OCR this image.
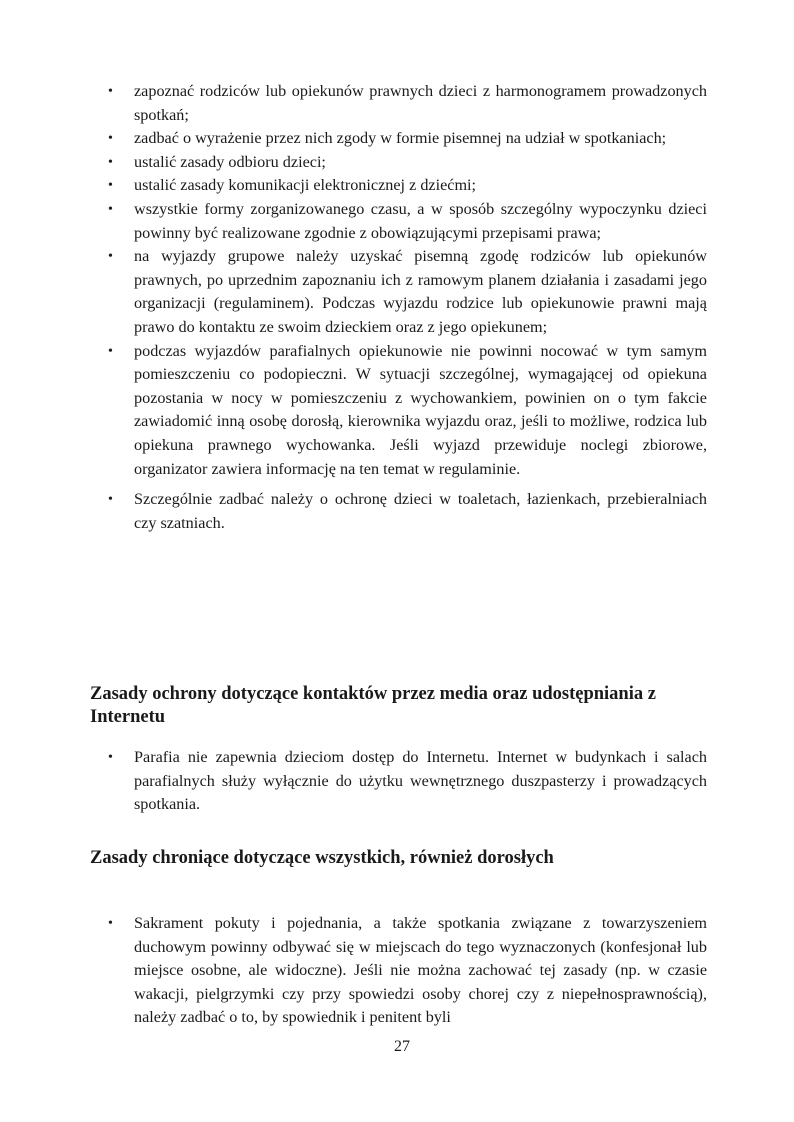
• zapoznać rodziców lub opiekunów prawnych dzieci z harmonogramem prowadzonych spotkań;
• zadbać o wyrażenie przez nich zgody w formie pisemnej na udział w spotkaniach;
• ustalić zasady odbioru dzieci;
• ustalić zasady komunikacji elektronicznej z dziećmi;
• wszystkie formy zorganizowanego czasu, a w sposób szczególny wypoczynku dzieci powinny być realizowane zgodnie z obowiązującymi przepisami prawa;
• na wyjazdy grupowe należy uzyskać pisemną zgodę rodziców lub opiekunów prawnych, po uprzednim zapoznaniu ich z ramowym planem działania i zasadami jego organizacji (regulaminem). Podczas wyjazdu rodzice lub opiekunowie prawni mają prawo do kontaktu ze swoim dzieckiem oraz z jego opiekunem;
• podczas wyjazdów parafialnych opiekunowie nie powinni nocować w tym samym pomieszczeniu co podopieczni. W sytuacji szczególnej, wymagającej od opiekuna pozostania w nocy w pomieszczeniu z wychowankiem, powinien on o tym fakcie zawiadomić inną osobę dorosłą, kierownika wyjazdu oraz, jeśli to możliwe, rodzica lub opiekuna prawnego wychowanka. Jeśli wyjazd przewiduje noclegi zbiorowe, organizator zawiera informację na ten temat w regulaminie.
• Szczególnie zadbać należy o ochronę dzieci w toaletach, łazienkach, przebieralniach czy szatniach.
Zasady ochrony dotyczące kontaktów przez media oraz udostępniania z Internetu
• Parafia nie zapewnia dzieciom dostęp do Internetu. Internet w budynkach i salach parafialnych służy wyłącznie do użytku wewnętrznego duszpasterzy i prowadzących spotkania.
Zasady chroniące dotyczące wszystkich, również dorosłych
• Sakrament pokuty i pojednania, a także spotkania związane z towarzyszeniem duchowym powinny odbywać się w miejscach do tego wyznaczonych (konfesjonał lub miejsce osobne, ale widoczne). Jeśli nie można zachować tej zasady (np. w czasie wakacji, pielgrzymki czy przy spowiedzi osoby chorej czy z niepełnosprawnością), należy zadbać o to, by spowiednik i penitent byli
27
